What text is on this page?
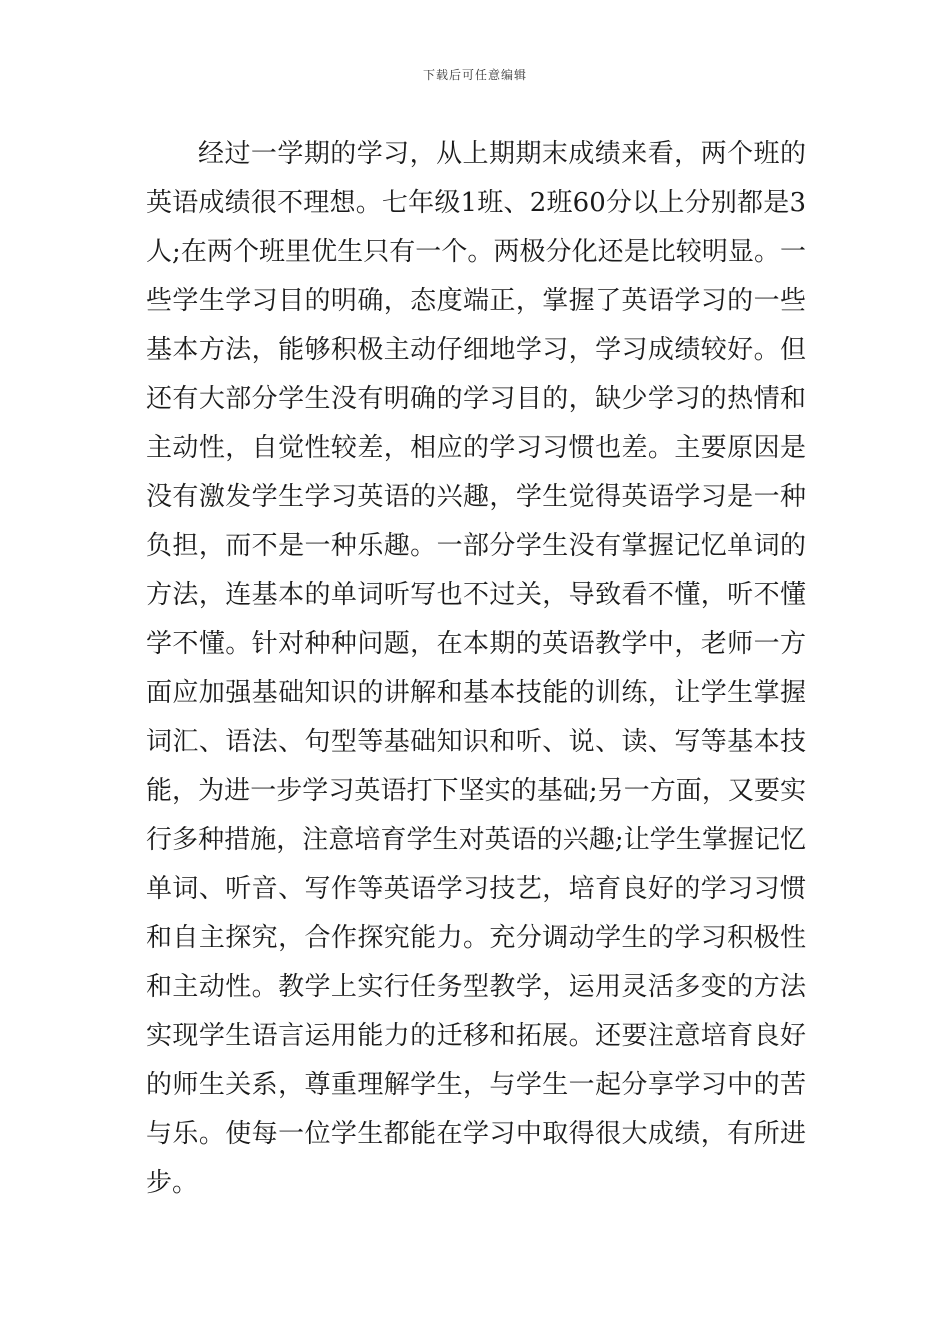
下载后可任意编辑

经过一学期的学习，从上期期末成绩来看，两个班的英语成绩很不理想。七年级1班、2班60分以上分别都是3人;在两个班里优生只有一个。两极分化还是比较明显。一些学生学习目的明确，态度端正，掌握了英语学习的一些基本方法，能够积极主动仔细地学习，学习成绩较好。但还有大部分学生没有明确的学习目的，缺少学习的热情和主动性，自觉性较差，相应的学习习惯也差。主要原因是没有激发学生学习英语的兴趣，学生觉得英语学习是一种负担，而不是一种乐趣。一部分学生没有掌握记忆单词的方法，连基本的单词听写也不过关，导致看不懂，听不懂学不懂。针对种种问题，在本期的英语教学中，老师一方面应加强基础知识的讲解和基本技能的训练，让学生掌握词汇、语法、句型等基础知识和听、说、读、写等基本技能，为进一步学习英语打下坚实的基础;另一方面，又要实行多种措施，注意培育学生对英语的兴趣;让学生掌握记忆单词、听音、写作等英语学习技艺，培育良好的学习习惯和自主探究，合作探究能力。充分调动学生的学习积极性和主动性。教学上实行任务型教学，运用灵活多变的方法实现学生语言运用能力的迁移和拓展。还要注意培育良好的师生关系，尊重理解学生，与学生一起分享学习中的苦与乐。使每一位学生都能在学习中取得很大成绩，有所进步。
